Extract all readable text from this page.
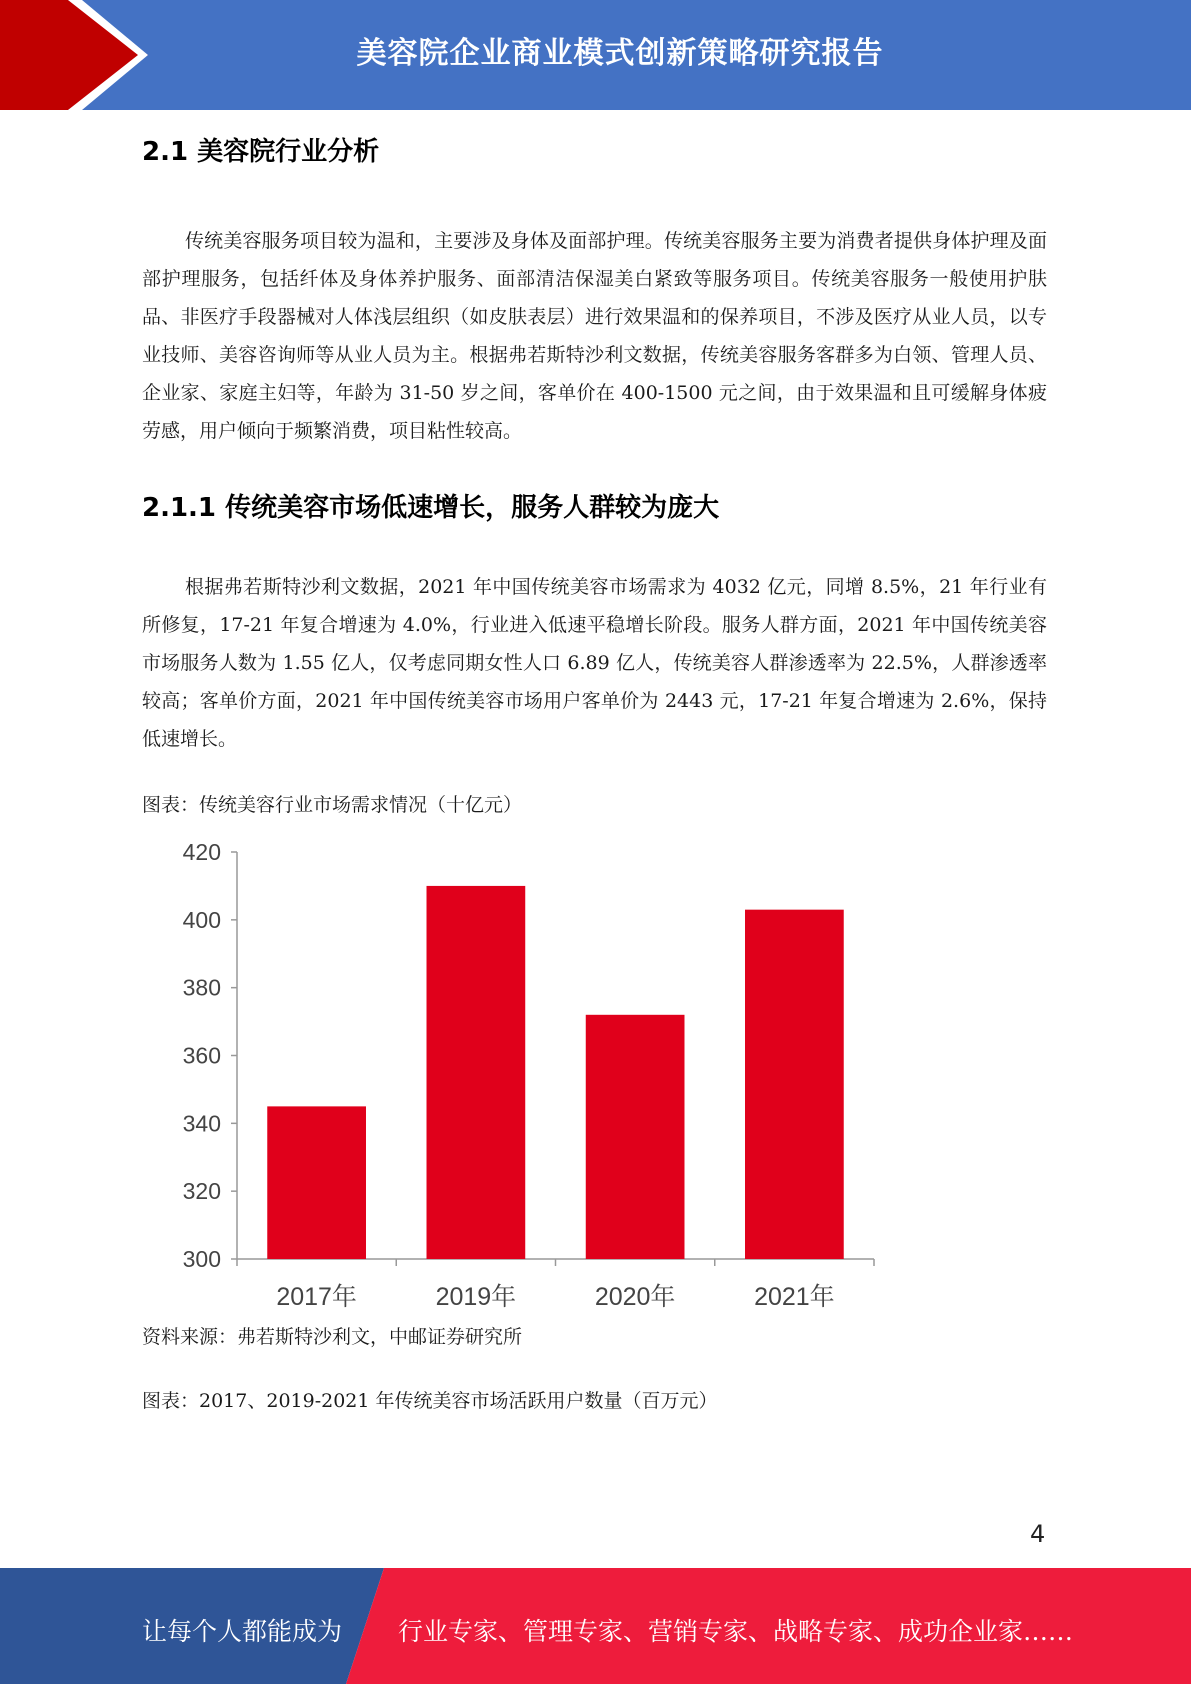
美容院企业商业模式创新策略研究报告
2.1 美容院行业分析

传统美容服务项目较为温和，主要涉及身体及面部护理。传统美容服务主要为消费者提供身体护理及面部护理服务，包括纤体及身体养护服务、面部清洁保湿美白紧致等服务项目。传统美容服务一般使用护肤品、非医疗手段器械对人体浅层组织（如皮肤表层）进行效果温和的保养项目，不涉及医疗从业人员，以专业技师、美容咨询师等从业人员为主。根据弗若斯特沙利文数据，传统美容服务客群多为白领、管理人员、企业家、家庭主妇等，年龄为 31-50 岁之间，客单价在 400-1500 元之间，由于效果温和且可缓解身体疲劳感，用户倾向于频繁消费，项目粘性较高。

2.1.1 传统美容市场低速增长，服务人群较为庞大

根据弗若斯特沙利文数据，2021 年中国传统美容市场需求为 4032 亿元，同增 8.5%，21 年行业有所修复，17-21 年复合增速为 4.0%，行业进入低速平稳增长阶段。服务人群方面，2021 年中国传统美容市场服务人数为 1.55 亿人，仅考虑同期女性人口 6.89 亿人，传统美容人群渗透率为 22.5%，人群渗透率较高；客单价方面，2021 年中国传统美容市场用户客单价为 2443 元，17-21 年复合增速为 2.6%，保持低速增长。

图表：传统美容行业市场需求情况（十亿元）
300
320
340
360
380
400
420
2017年	2019年	2020年	2021年
资料来源：弗若斯特沙利文，中邮证券研究所
图表：2017、2019-2021 年传统美容市场活跃用户数量（百万元）
4
让每个人都能成为 行业专家、管理专家、营销专家、战略专家、成功企业家……
